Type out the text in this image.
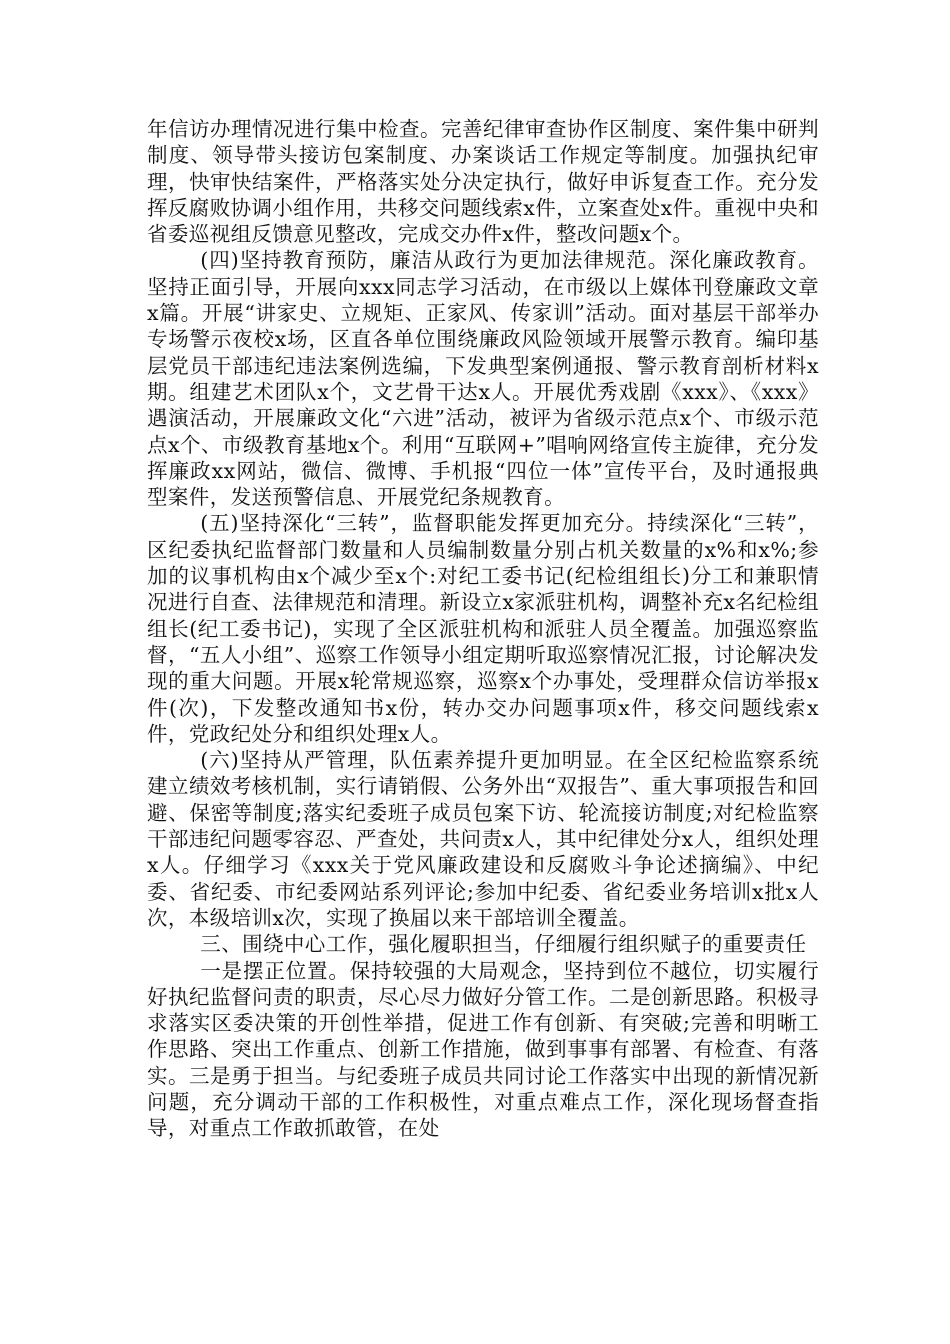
年信访办理情况进行集中检查。完善纪律审查协作区制度、案件集中研判制度、领导带头接访包案制度、办案谈话工作规定等制度。加强执纪审理，快审快结案件，严格落实处分决定执行，做好申诉复查工作。充分发挥反腐败协调小组作用，共移交问题线索x件，立案查处x件。重视中央和省委巡视组反馈意见整改，完成交办件x件，整改问题x个。

(四)坚持教育预防，廉洁从政行为更加法律规范。深化廉政教育。坚持正面引导，开展向xxx同志学习活动，在市级以上媒体刊登廉政文章x篇。开展“讲家史、立规矩、正家风、传家训”活动。面对基层干部举办专场警示夜校x场，区直各单位围绕廉政风险领域开展警示教育。编印基层党员干部违纪违法案例选编，下发典型案例通报、警示教育剖析材料x期。组建艺术团队x个，文艺骨干达x人。开展优秀戏剧《xxx》、《xxx》遇演活动，开展廉政文化“六进”活动，被评为省级示范点x个、市级示范点x个、市级教育基地x个。利用“互联网+”唱响网络宣传主旋律，充分发挥廉政xx网站，微信、微博、手机报“四位一体”宣传平台，及时通报典型案件，发送预警信息、开展党纪条规教育。

(五)坚持深化“三转”，监督职能发挥更加充分。持续深化“三转”，区纪委执纪监督部门数量和人员编制数量分别占机关数量的x%和x%;参加的议事机构由x个减少至x个:对纪工委书记(纪检组组长)分工和兼职情况进行自查、法律规范和清理。新设立x家派驻机构，调整补充x名纪检组组长(纪工委书记)，实现了全区派驻机构和派驻人员全覆盖。加强巡察监督，“五人小组”、巡察工作领导小组定期听取巡察情况汇报，讨论解决发现的重大问题。开展x轮常规巡察，巡察x个办事处，受理群众信访举报x件(次)，下发整改通知书x份，转办交办问题事项x件，移交问题线索x件，党政纪处分和组织处理x人。

(六)坚持从严管理，队伍素养提升更加明显。在全区纪检监察系统建立绩效考核机制，实行请销假、公务外出“双报告”、重大事项报告和回避、保密等制度;落实纪委班子成员包案下访、轮流接访制度;对纪检监察干部违纪问题零容忍、严查处，共问责x人，其中纪律处分x人，组织处理x人。仔细学习《xxx关于党风廉政建设和反腐败斗争论述摘编》、中纪委、省纪委、市纪委网站系列评论;参加中纪委、省纪委业务培训x批x人次，本级培训x次，实现了换届以来干部培训全覆盖。

三、围绕中心工作，强化履职担当，仔细履行组织赋子的重要责任

一是摆正位置。保持较强的大局观念，坚持到位不越位，切实履行好执纪监督问责的职责，尽心尽力做好分管工作。二是创新思路。积极寻求落实区委决策的开创性举措，促进工作有创新、有突破;完善和明晰工作思路、突出工作重点、创新工作措施，做到事事有部署、有检查、有落实。三是勇于担当。与纪委班子成员共同讨论工作落实中出现的新情况新问题，充分调动干部的工作积极性，对重点难点工作，深化现场督查指导，对重点工作敢抓敢管，在处
